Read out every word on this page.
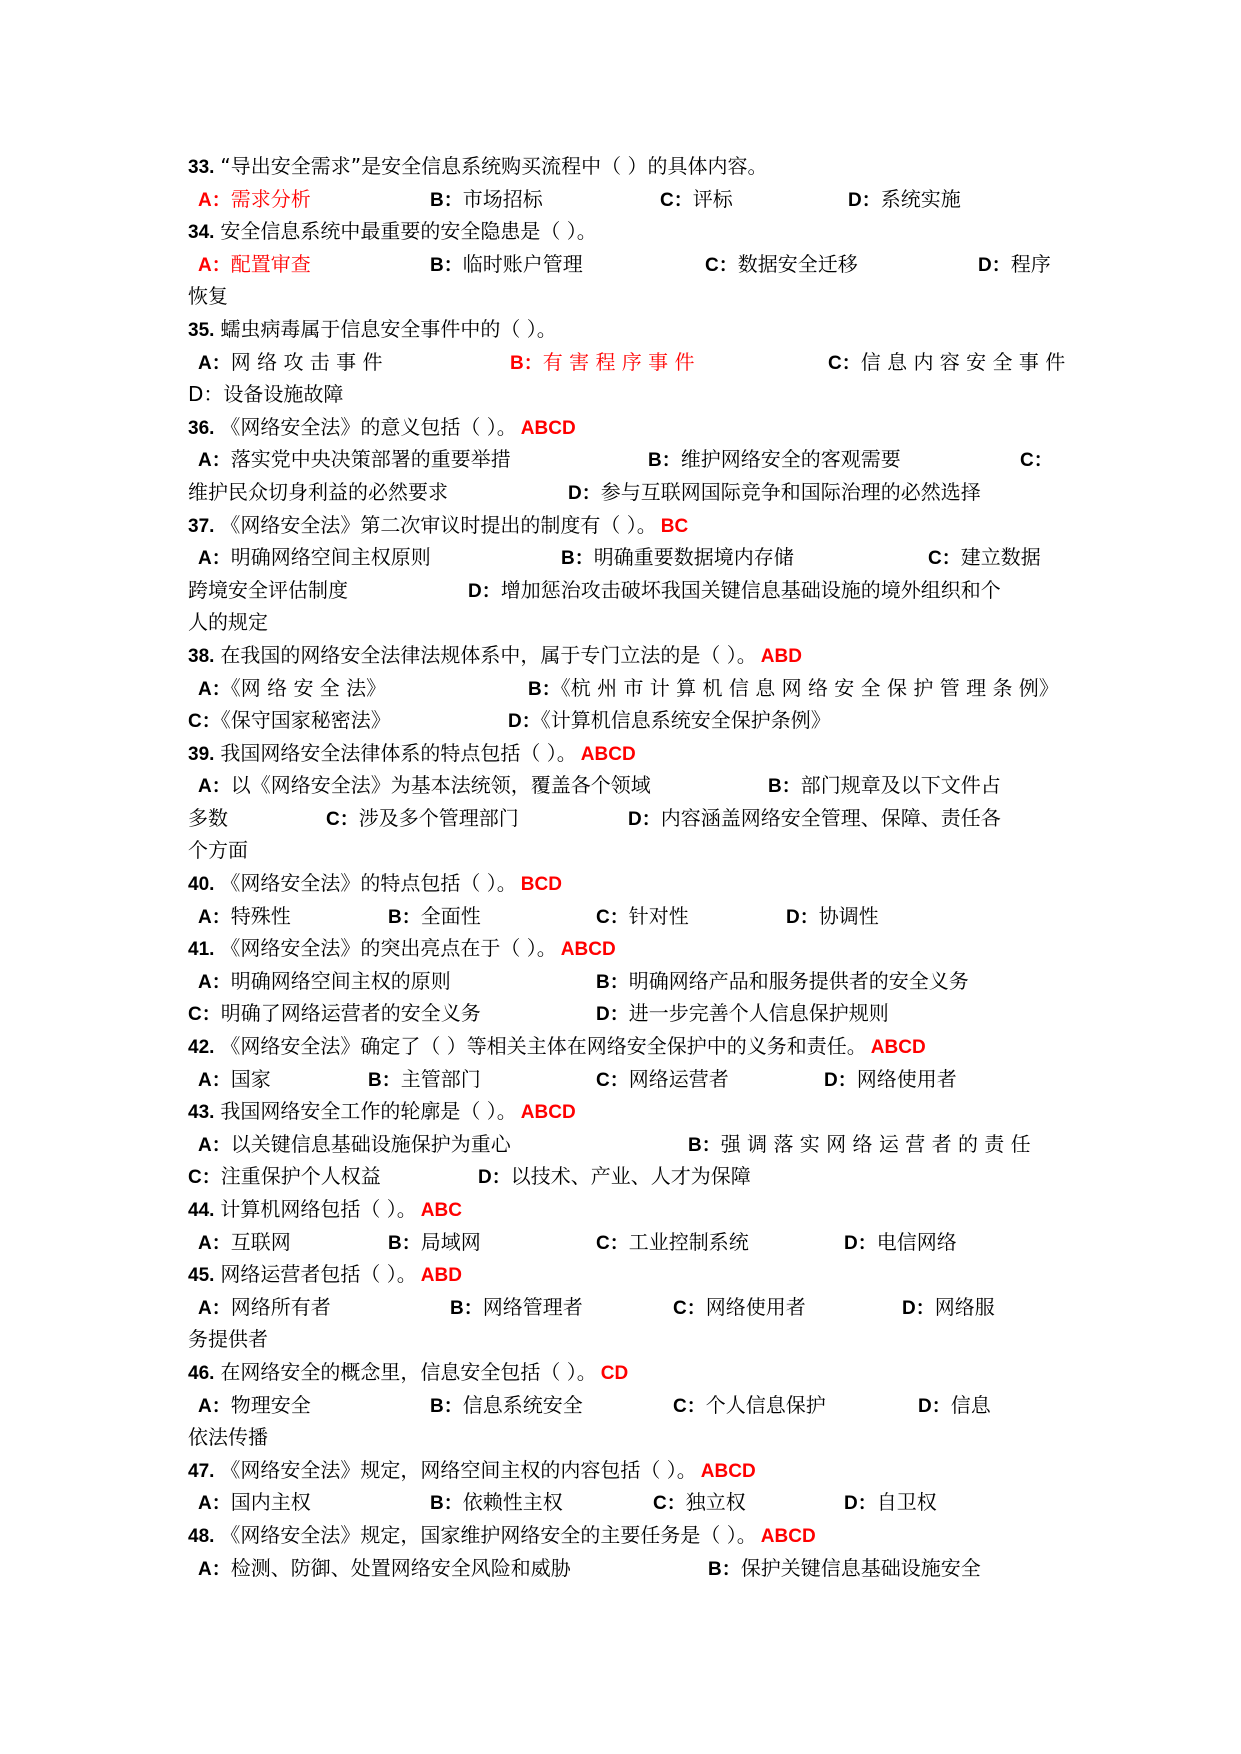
33. “导出安全需求”是安全信息系统购买流程中（ ）的具体内容。
A：需求分析	B：市场招标	C：评标	D：系统实施
34. 安全信息系统中最重要的安全隐患是（ ）。
A：配置审查	B：临时账户管理	C：数据安全迁移	D：程序
恢复
35. 蠕虫病毒属于信息安全事件中的（ ）。
A：网 络 攻 击 事 件	B：有 害 程 序 事 件	C：信 息 内 容 安 全 事 件
D：设备设施故障
36. 《网络安全法》的意义包括（ ）。 ABCD
A：落实党中央决策部署的重要举措	B：维护网络安全的客观需要	C：
维护民众切身利益的必然要求	D：参与互联网国际竞争和国际治理的必然选择
37. 《网络安全法》第二次审议时提出的制度有（ ）。 BC
A：明确网络空间主权原则	B：明确重要数据境内存储	C：建立数据
跨境安全评估制度	D：增加惩治攻击破坏我国关键信息基础设施的境外组织和个
人的规定
38. 在我国的网络安全法律法规体系中，属于专门立法的是（ ）。 ABD
A：《网 络 安 全 法》	B：《杭 州 市 计 算 机 信 息 网 络 安 全 保 护 管 理 条 例》
C：《保守国家秘密法》	D：《计算机信息系统安全保护条例》
39. 我国网络安全法律体系的特点包括（ ）。 ABCD
A：以《网络安全法》为基本法统领，覆盖各个领域	B：部门规章及以下文件占
多数	C：涉及多个管理部门	D：内容涵盖网络安全管理、保障、责任各
个方面
40. 《网络安全法》的特点包括（ ）。 BCD
A：特殊性	B：全面性	C：针对性	D：协调性
41. 《网络安全法》的突出亮点在于（ ）。 ABCD
A：明确网络空间主权的原则	B：明确网络产品和服务提供者的安全义务
C：明确了网络运营者的安全义务	D：进一步完善个人信息保护规则
42. 《网络安全法》确定了（ ）等相关主体在网络安全保护中的义务和责任。 ABCD
A：国家	B：主管部门	C：网络运营者	D：网络使用者
43. 我国网络安全工作的轮廓是（ ）。 ABCD
A：以关键信息基础设施保护为重心	B：强 调 落 实 网 络 运 营 者 的 责 任
C：注重保护个人权益	D：以技术、产业、人才为保障
44. 计算机网络包括（ ）。 ABC
A：互联网	B：局域网	C：工业控制系统	D：电信网络
45. 网络运营者包括（ ）。 ABD
A：网络所有者	B：网络管理者	C：网络使用者	D：网络服
务提供者
46. 在网络安全的概念里，信息安全包括（ ）。 CD
A：物理安全	B：信息系统安全	C：个人信息保护	D：信息
依法传播
47. 《网络安全法》规定，网络空间主权的内容包括（ ）。 ABCD
A：国内主权	B：依赖性主权	C：独立权	D：自卫权
48. 《网络安全法》规定，国家维护网络安全的主要任务是（ ）。 ABCD
A：检测、防御、处置网络安全风险和威胁	B：保护关键信息基础设施安全
